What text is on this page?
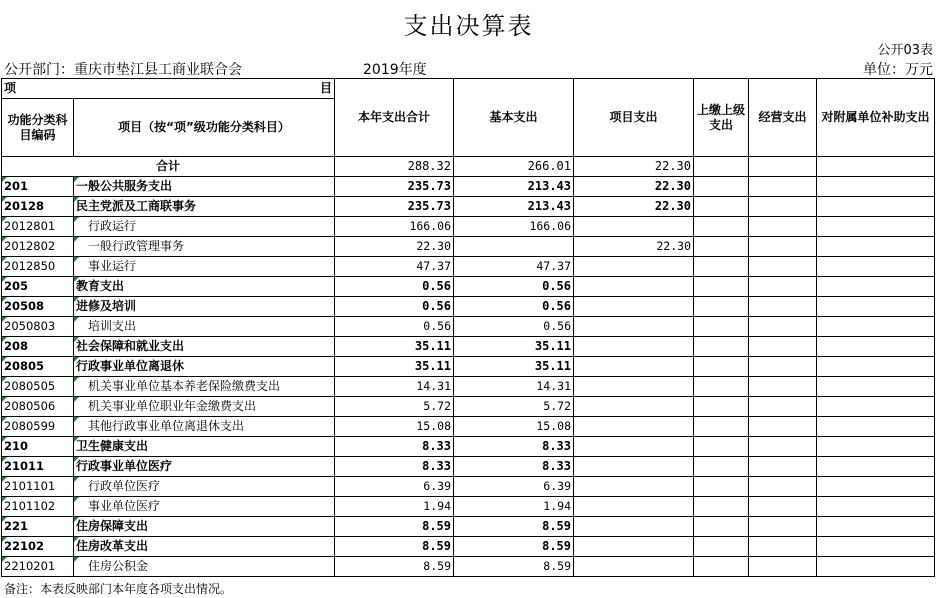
支出决算表
公开03表
公开部门：重庆市垫江县工商业联合会	2019年度	单位：万元
项 目		本年支出合计	基本支出	项目支出	上缴上级支出	经营支出	对附属单位补助支出
功能分类科目编码	项目（按“项”级功能分类科目）						
合计		288.32	266.01	22.30			

201	一般公共服务支出	235.73	213.43	22.30			

20128	民主党派及工商联事务	235.73	213.43	22.30			

2012801	行政运行	166.06	166.06				

2012802	一般行政管理事务	22.30		22.30			

2012850	事业运行	47.37	47.37				

205	教育支出	0.56	0.56				

20508	进修及培训	0.56	0.56				

2050803	培训支出	0.56	0.56				

208	社会保障和就业支出	35.11	35.11				

20805	行政事业单位离退休	35.11	35.11				

2080505	机关事业单位基本养老保险缴费支出	14.31	14.31				

2080506	机关事业单位职业年金缴费支出	5.72	5.72				

2080599	其他行政事业单位离退休支出	15.08	15.08				

210	卫生健康支出	8.33	8.33				

21011	行政事业单位医疗	8.33	8.33				

2101101	行政单位医疗	6.39	6.39				

2101102	事业单位医疗	1.94	1.94				

221	住房保障支出	8.59	8.59				

22102	住房改革支出	8.59	8.59				

2210201	住房公积金	8.59	8.59				
备注：本表反映部门本年度各项支出情况。
